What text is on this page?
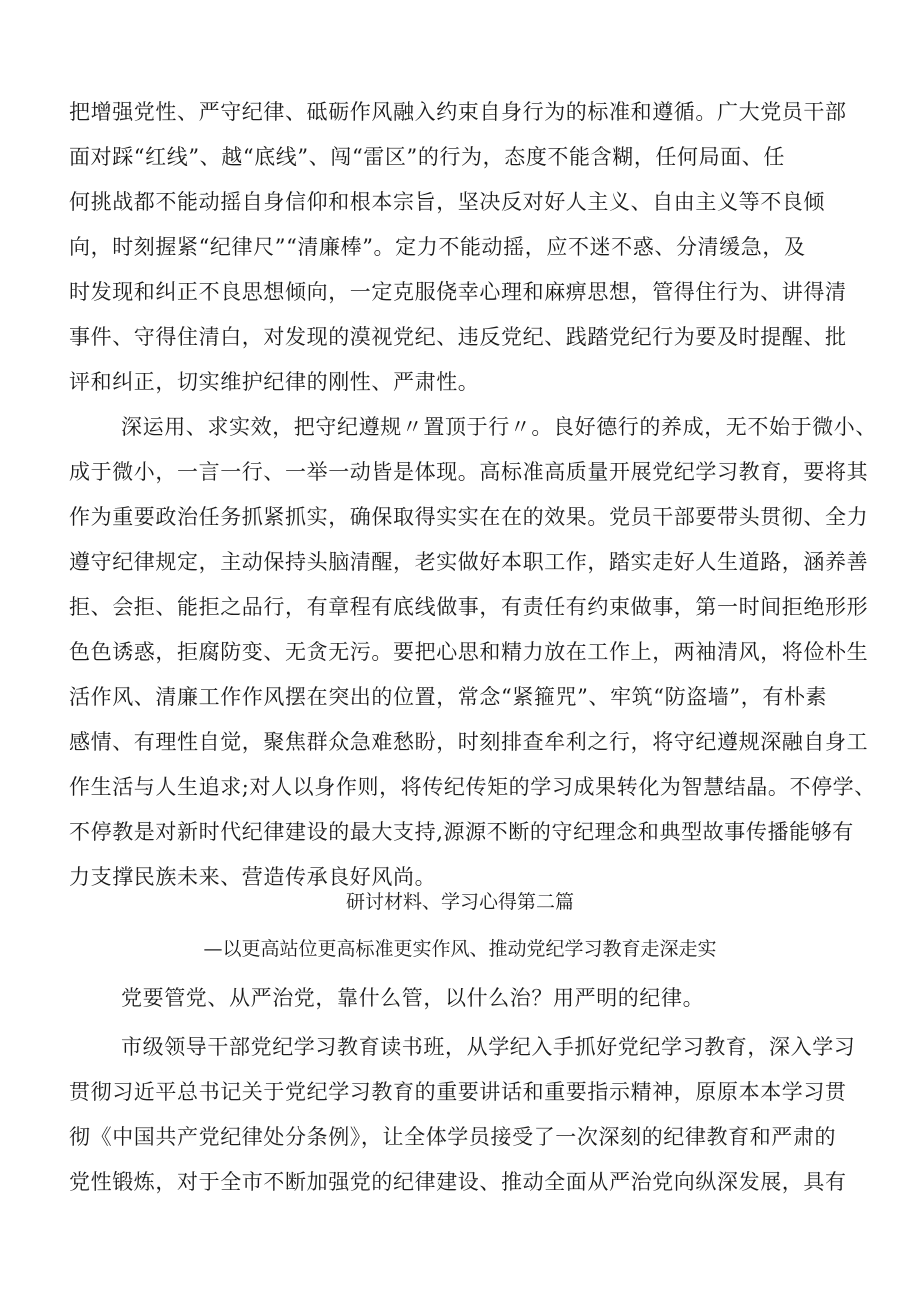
把增强党性、严守纪律、砥砺作风融入约束自身行为的标准和遵循。广大党员干部
面对踩“红线”、越“底线”、闯“雷区”的行为，态度不能含糊，任何局面、任
何挑战都不能动摇自身信仰和根本宗旨，坚决反对好人主义、自由主义等不良倾
向，时刻握紧“纪律尺”“清廉棒”。定力不能动摇，应不迷不惑、分清缓急，及
时发现和纠正不良思想倾向，一定克服侥幸心理和麻痹思想，管得住行为、讲得清
事件、守得住清白，对发现的漠视党纪、违反党纪、践踏党纪行为要及时提醒、批
评和纠正，切实维护纪律的刚性、严肃性。
深运用、求实效，把守纪遵规〃置顶于行〃。良好德行的养成，无不始于微小、
成于微小，一言一行、一举一动皆是体现。高标准高质量开展党纪学习教育，要将其
作为重要政治任务抓紧抓实，确保取得实实在在的效果。党员干部要带头贯彻、全力
遵守纪律规定，主动保持头脑清醒，老实做好本职工作，踏实走好人生道路，涵养善
拒、会拒、能拒之品行，有章程有底线做事，有责任有约束做事，第一时间拒绝形形
色色诱惑，拒腐防变、无贪无污。要把心思和精力放在工作上，两袖清风，将俭朴生
活作风、清廉工作作风摆在突出的位置，常念“紧箍咒”、牢筑“防盗墙”，有朴素
感情、有理性自觉，聚焦群众急难愁盼，时刻排查牟利之行，将守纪遵规深融自身工
作生活与人生追求;对人以身作则，将传纪传矩的学习成果转化为智慧结晶。不停学、
不停教是对新时代纪律建设的最大支持,源源不断的守纪理念和典型故事传播能够有
力支撑民族未来、营造传承良好风尚。
研讨材料、学习心得第二篇
—以更高站位更高标准更实作风、推动党纪学习教育走深走实
党要管党、从严治党，靠什么管，以什么治？用严明的纪律。
市级领导干部党纪学习教育读书班，从学纪入手抓好党纪学习教育，深入学习
贯彻习近平总书记关于党纪学习教育的重要讲话和重要指示精神，原原本本学习贯
彻《中国共产党纪律处分条例》，让全体学员接受了一次深刻的纪律教育和严肃的
党性锻炼，对于全市不断加强党的纪律建设、推动全面从严治党向纵深发展，具有
